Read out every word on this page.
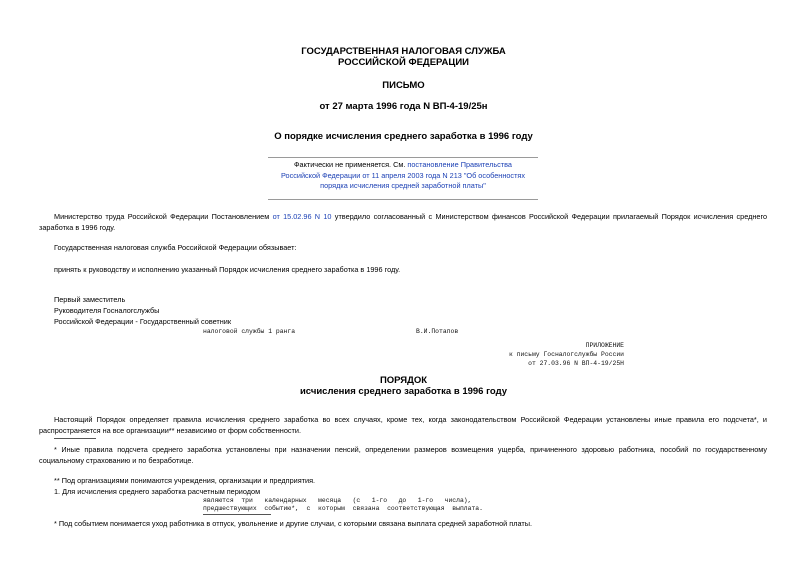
ГОСУДАРСТВЕННАЯ НАЛОГОВАЯ СЛУЖБА
РОССИЙСКОЙ ФЕДЕРАЦИИ
ПИСЬМО
от 27 марта 1996 года N ВП-4-19/25н
О порядке исчисления среднего заработка в 1996 году
Фактически не применяется. См. постановление Правительства
Российской Федерации от 11 апреля 2003 года N 213 "Об особенностях
порядка исчисления средней заработной платы"
Министерство труда Российской Федерации Постановлением от 15.02.96 N 10 утвердило согласованный с Министерством финансов Российской Федерации прилагаемый Порядок исчисления среднего заработка в 1996 году.
Государственная налоговая служба Российской Федерации обязывает:
принять к руководству и исполнению указанный Порядок исчисления среднего заработка в 1996 году.
Первый заместитель
Руководителя Госналогслужбы
Российской Федерации - Государственный советник
налоговой службы 1 ранга	В.И.Потапов
ПРИЛОЖЕНИЕ
к письму Госналогслужбы России
от 27.03.96 N ВП-4-19/25Н
ПОРЯДОК
исчисления среднего заработка в 1996 году
Настоящий Порядок определяет правила исчисления среднего заработка во всех случаях, кроме тех, когда законодательством Российской Федерации установлены иные правила его подсчета*, и распространяется на все организации** независимо от форм собственности.
* Иные правила подсчета среднего заработка установлены при назначении пенсий, определении размеров возмещения ущерба, причиненного здоровью работника, пособий по государственному социальному страхованию и по безработице.
** Под организациями понимаются учреждения, организации и предприятия.
1. Для исчисления среднего заработка расчетным периодом
являются  три   календарных   месяца   (с   1-го   до   1-го   числа),
предшествующих  событию*,  с  которым  связана  соответствующая  выплата.
* Под событием понимается уход работника в отпуск, увольнение и другие случаи, с которыми связана выплата средней заработной платы.
